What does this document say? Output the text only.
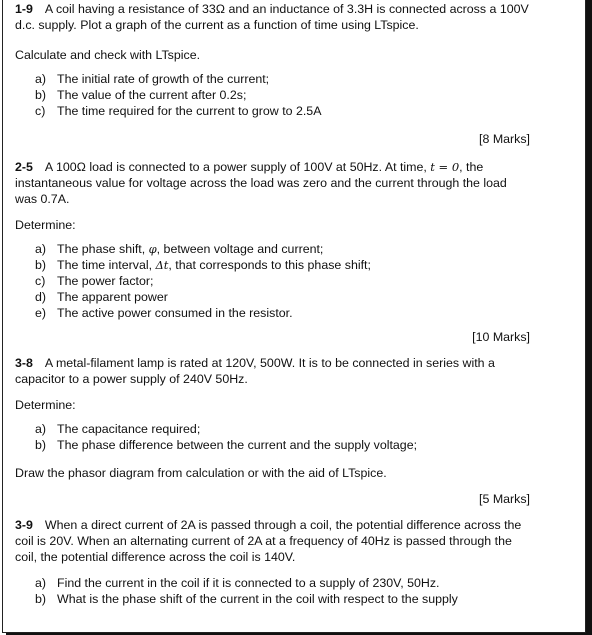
1-9 A coil having a resistance of 33Ω and an inductance of 3.3H is connected across a 100V d.c. supply. Plot a graph of the current as a function of time using LTspice.

Calculate and check with LTspice.

a) The initial rate of growth of the current;
b) The value of the current after 0.2s;
c) The time required for the current to grow to 2.5A
[8 Marks]

2-5 A 100Ω load is connected to a power supply of 100V at 50Hz. At time, t = 0, the instantaneous value for voltage across the load was zero and the current through the load was 0.7A.

Determine:

a) The phase shift, φ, between voltage and current;
b) The time interval, Δt, that corresponds to this phase shift;
c) The power factor;
d) The apparent power
e) The active power consumed in the resistor.
[10 Marks]

3-8 A metal-filament lamp is rated at 120V, 500W. It is to be connected in series with a capacitor to a power supply of 240V 50Hz.

Determine:

a) The capacitance required;
b) The phase difference between the current and the supply voltage;

Draw the phasor diagram from calculation or with the aid of LTspice.

[5 Marks]

3-9 When a direct current of 2A is passed through a coil, the potential difference across the coil is 20V. When an alternating current of 2A at a frequency of 40Hz is passed through the coil, the potential difference across the coil is 140V.

a) Find the current in the coil if it is connected to a supply of 230V, 50Hz.
b) What is the phase shift of the current in the coil with respect to the supply
